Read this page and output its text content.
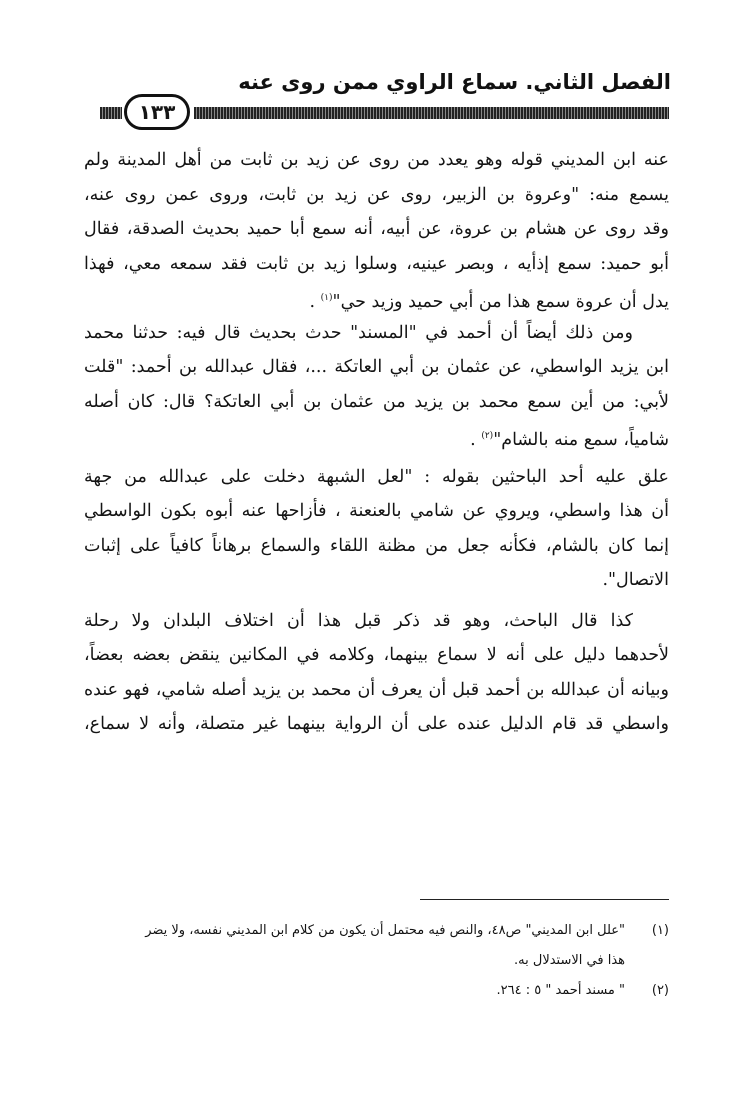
الفصل الثاني. سماع الراوي ممن روى عنه
١٣٣
عنه ابن المديني قوله وهو يعدد من روى عن زيد بن ثابت من أهل المدينة ولم
يسمع منه: "وعروة بن الزبير، روى عن زيد بن ثابت، وروى عمن روى عنه،
وقد روى عن هشام بن عروة، عن أبيه، أنه سمع أبا حميد بحديث الصدقة، فقال
أبو حميد: سمع إذأيه ، وبصر عينيه، وسلوا زيد بن ثابت فقد سمعه معي، فهذا
يدل أن عروة سمع هذا من أبي حميد وزيد حي"$^{(١)}$ .
ومن ذلك أيضاً أن أحمد في "المسند" حدث بحديث قال فيه: حدثنا محمد
ابن يزيد الواسطي، عن عثمان بن أبي العاتكة ...، فقال عبدالله بن أحمد: "قلت
لأبي: من أين سمع محمد بن يزيد من عثمان بن أبي العاتكة؟ قال: كان أصله
شامياً، سمع منه بالشام"$^{(٢)}$ .
علق عليه أحد الباحثين بقوله : "لعل الشبهة دخلت على عبدالله من جهة
أن هذا واسطي، ويروي عن شامي بالعنعنة ، فأزاحها عنه أبوه بكون الواسطي
إنما كان بالشام، فكأنه جعل من مظنة اللقاء والسماع برهاناً كافياً على إثبات
الاتصال".
كذا قال الباحث، وهو قد ذكر قبل هذا أن اختلاف البلدان ولا رحلة
لأحدهما دليل على أنه لا سماع بينهما، وكلامه في المكانين ينقض بعضه بعضاً،
وبيانه أن عبدالله بن أحمد قبل أن يعرف أن محمد بن يزيد أصله شامي، فهو عنده
واسطي قد قام الدليل عنده على أن الرواية بينهما غير متصلة، وأنه لا سماع،
(١)
"علل ابن المديني" ص٤٨، والنص فيه محتمل أن يكون من كلام ابن المديني نفسه، ولا يضر
هذا في الاستدلال به.
(٢)
" مسند أحمد " ٥ : ٢٦٤.
